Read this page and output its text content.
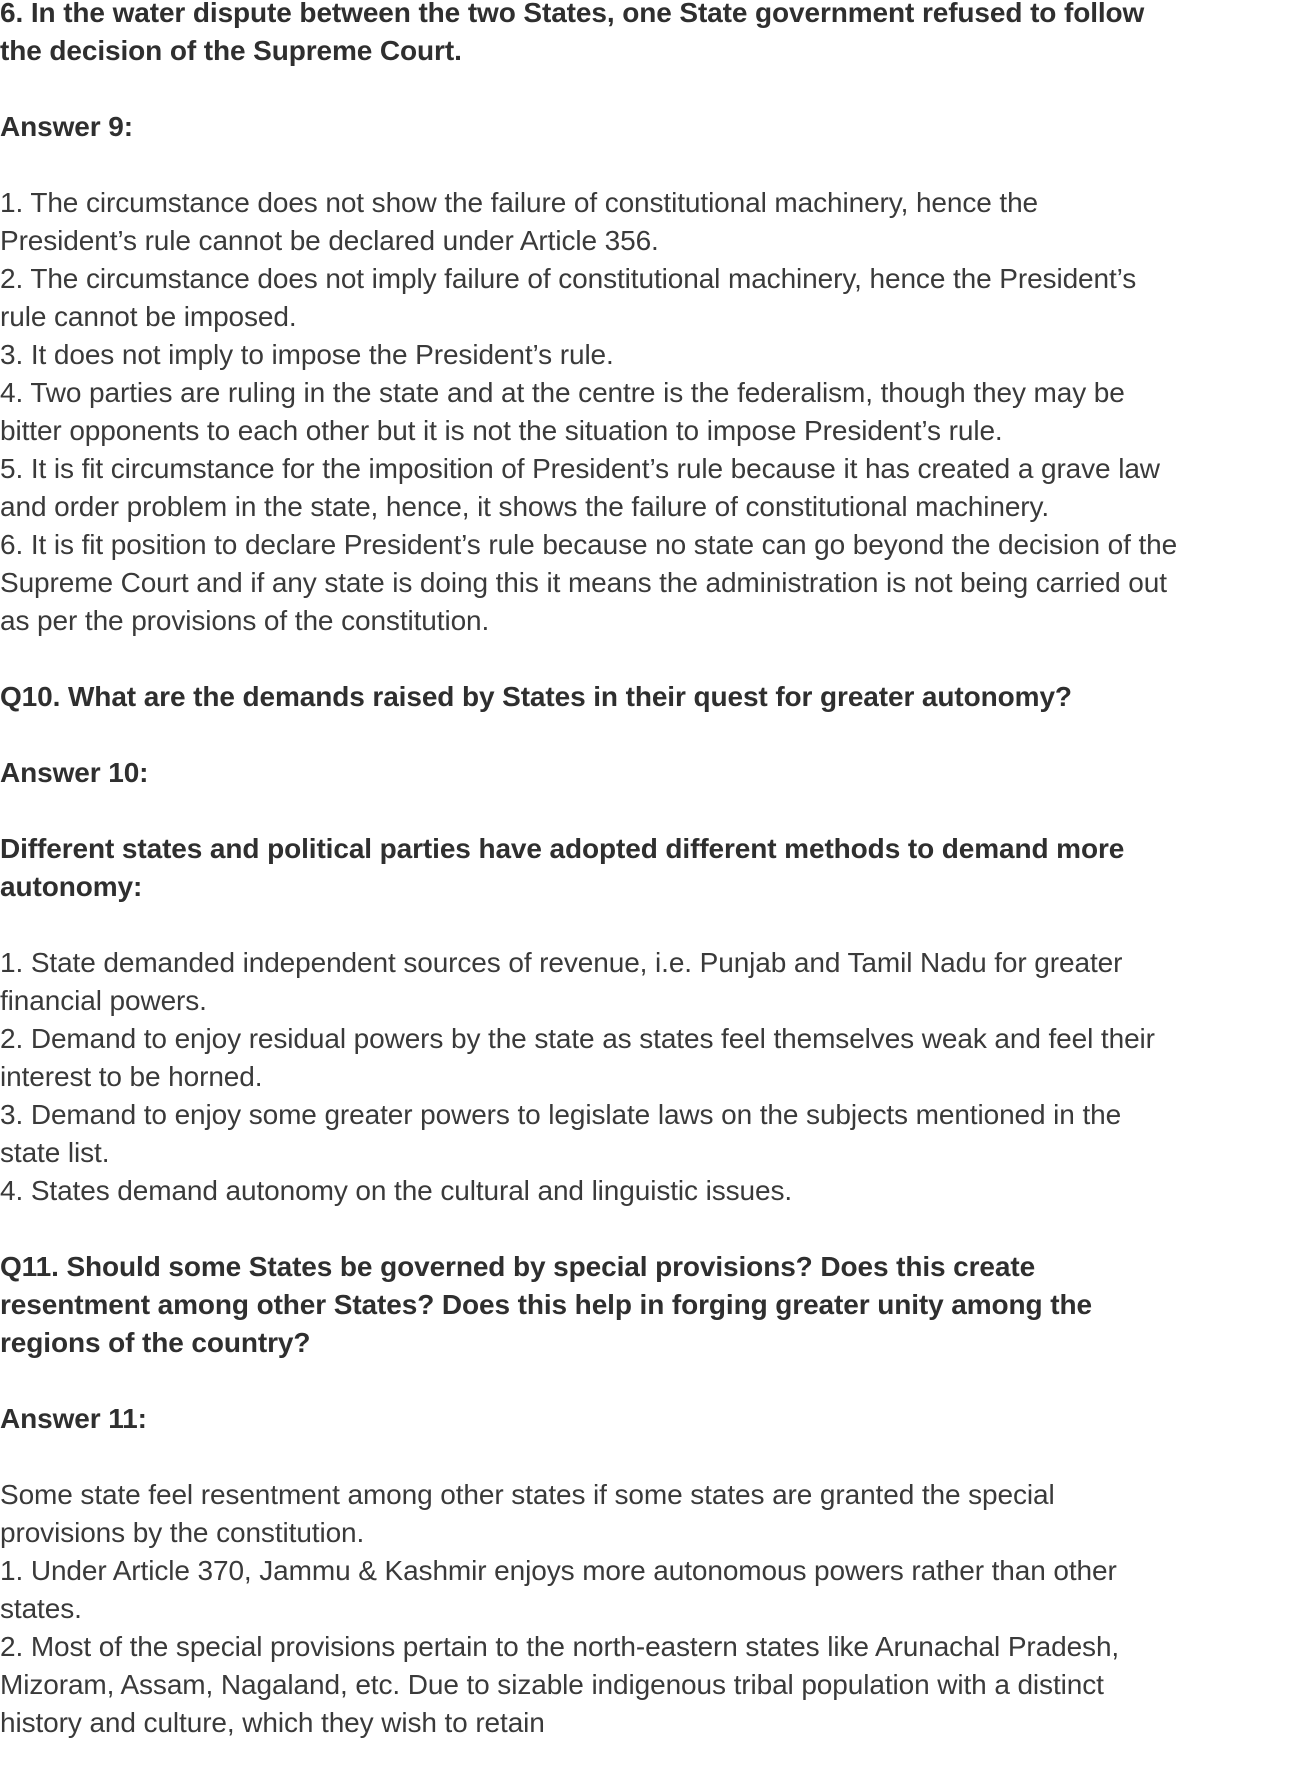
6. In the water dispute between the two States, one State government refused to follow
the decision of the Supreme Court.
Answer 9:
1. The circumstance does not show the failure of constitutional machinery, hence the
President’s rule cannot be declared under Article 356.
2. The circumstance does not imply failure of constitutional machinery, hence the President’s
rule cannot be imposed.
3. It does not imply to impose the President’s rule.
4. Two parties are ruling in the state and at the centre is the federalism, though they may be
bitter opponents to each other but it is not the situation to impose President’s rule.
5. It is fit circumstance for the imposition of President’s rule because it has created a grave law
and order problem in the state, hence, it shows the failure of constitutional machinery.
6. It is fit position to declare President’s rule because no state can go beyond the decision of the
Supreme Court and if any state is doing this it means the administration is not being carried out
as per the provisions of the constitution.
Q10. What are the demands raised by States in their quest for greater autonomy?
Answer 10:
Different states and political parties have adopted different methods to demand more
autonomy:
1. State demanded independent sources of revenue, i.e. Punjab and Tamil Nadu for greater
financial powers.
2. Demand to enjoy residual powers by the state as states feel themselves weak and feel their
interest to be horned.
3. Demand to enjoy some greater powers to legislate laws on the subjects mentioned in the
state list.
4. States demand autonomy on the cultural and linguistic issues.
Q11. Should some States be governed by special provisions? Does this create
resentment among other States? Does this help in forging greater unity among the
regions of the country?
Answer 11:
Some state feel resentment among other states if some states are granted the special
provisions by the constitution.
1. Under Article 370, Jammu & Kashmir enjoys more autonomous powers rather than other
states.
2. Most of the special provisions pertain to the north-eastern states like Arunachal Pradesh,
Mizoram, Assam, Nagaland, etc. Due to sizable indigenous tribal population with a distinct
history and culture, which they wish to retain
